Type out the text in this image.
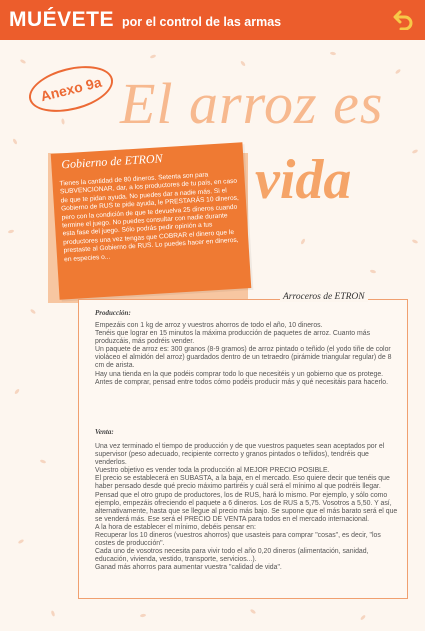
MUÉVETE por el control de las armas
Anexo 9a El arroz es
vida
Gobierno de ETRON

Tienes la cantidad de 80 dineros. Setenta son para SUBVENCIONAR, dar, a los productores de tu país, en caso de que te pidan ayuda. No puedes dar a nadie más. Si el Gobierno de RUS te pide ayuda, le PRESTARÁS 10 dineros, pero con la condición de que te devuelva 25 dineros cuando termine el juego. No puedes consultar con nadie durante esta fase del juego. Sólo podrás pedir opinión a tus productores una vez tengas que COBRAR el dinero que le prestaste al Gobierno de RUS. Lo puedes hacer en dineros, en especies o...

Arroceros de ETRON
Producción:

Empezáis con 1 kg de arroz y vuestros ahorros de todo el año, 10 dineros.

Tenéis que lograr en 15 minutos la máxima producción de paquetes de arroz. Cuanto más produzcáis, más podréis vender.

Un paquete de arroz es: 300 granos (8-9 gramos) de arroz pintado o teñido (el yodo tiñe de color violáceo el almidón del arroz) guardados dentro de un tetraedro (pirámide triangular regular) de 8 cm de arista.

Hay una tienda en la que podéis comprar todo lo que necesitéis y un gobierno que os protege.

Antes de comprar, pensad entre todos cómo podéis producir más y qué necesitáis para hacerlo.

Venta:

Una vez terminado el tiempo de producción y de que vuestros paquetes sean aceptados por el supervisor (peso adecuado, recipiente correcto y granos pintados o teñidos), tendréis que venderlos.

Vuestro objetivo es vender toda la producción al MEJOR PRECIO POSIBLE.

El precio se establecerá en SUBASTA, a la baja, en el mercado. Eso quiere decir que tenéis que haber pensado desde qué precio máximo partiréis y cuál será el mínimo al que podréis llegar. Pensad que el otro grupo de productores, los de RUS, hará lo mismo. Por ejemplo, y sólo como ejemplo, empezáis ofreciendo el paquete a 6 dineros. Los de RUS a 5,75. Vosotros a 5,50. Y así, alternativamente, hasta que se llegue al precio más bajo. Se supone que el más barato será el que se venderá más. Ese será el PRECIO DE VENTA para todos en el mercado internacional.

A la hora de establecer el mínimo, debéis pensar en:

Recuperar los 10 dineros (vuestros ahorros) que usasteis para comprar "cosas", es decir, "los costes de producción".

Cada uno de vosotros necesita para vivir todo el año 0,20 dineros (alimentación, sanidad, educación, vivienda, vestido, transporte, servicios...).

Ganad más ahorros para aumentar vuestra "calidad de vida".
